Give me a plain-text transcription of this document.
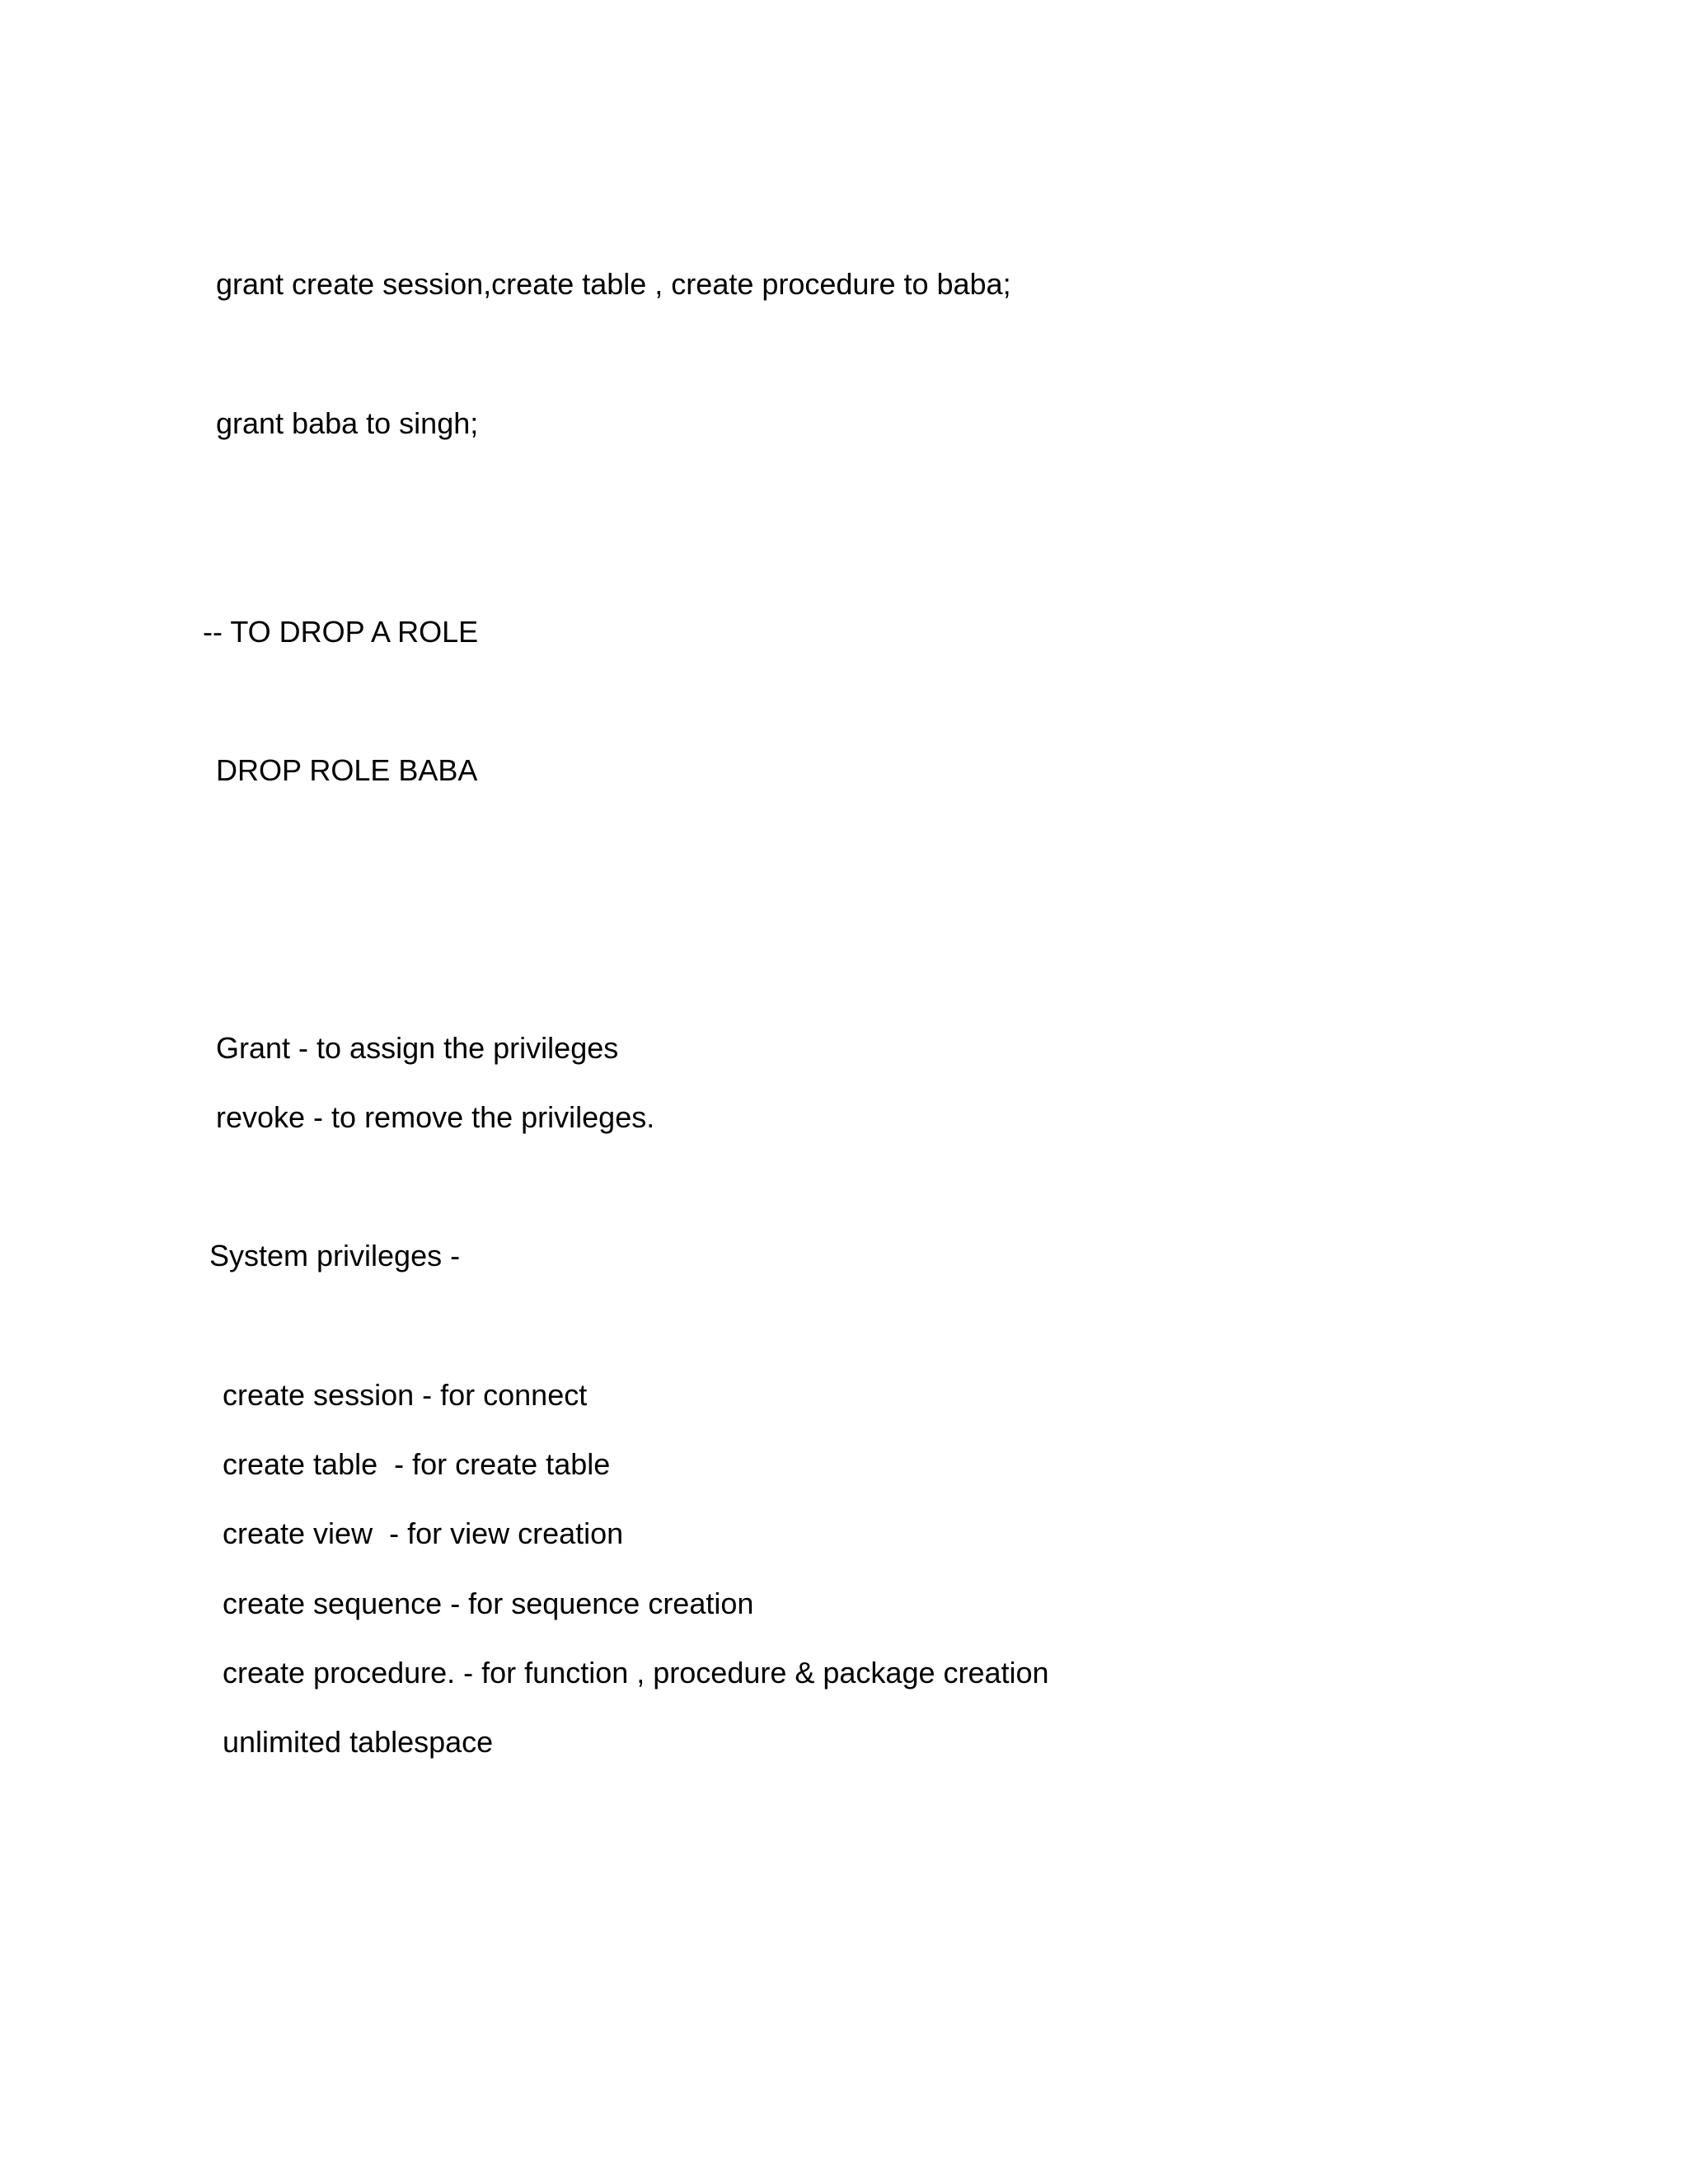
grant create session,create table , create procedure to baba;

grant baba to singh;

-- TO DROP A ROLE

DROP ROLE BABA

Grant - to assign the privileges

revoke - to remove the privileges.

System privileges -

create session - for connect

create table  - for create table

create view  - for view creation

create sequence - for sequence creation

create procedure. - for function , procedure & package creation

unlimited tablespace
